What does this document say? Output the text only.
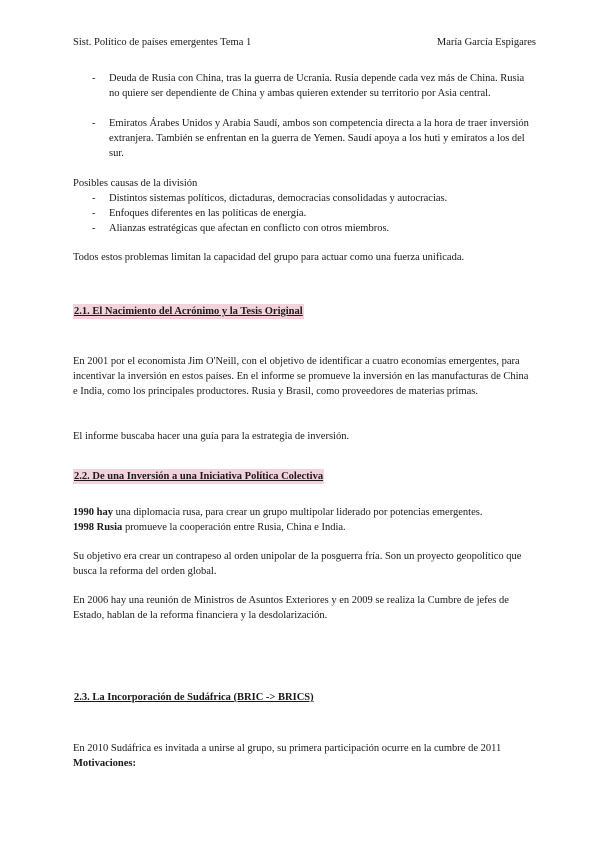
Sist. Político de países emergentes Tema 1	María García Espigares
- Deuda de Rusia con China, tras la guerra de Ucrania. Rusia depende cada vez más de China. Rusia no quiere ser dependiente de China y ambas quieren extender su territorio por Asia central.
- Emiratos Árabes Unidos y Arabia Saudí, ambos son competencia directa a la hora de traer inversión extranjera. También se enfrentan en la guerra de Yemen. Saudí apoya a los huti y emiratos a los del sur.
Posibles causas de la división
- Distintos sistemas políticos, dictaduras, democracias consolidadas y autocracias.
- Enfoques diferentes en las políticas de energía.
- Alianzas estratégicas que afectan en conflicto con otros miembros.
Todos estos problemas limitan la capacidad del grupo para actuar como una fuerza unificada.
2.1. El Nacimiento del Acrónimo y la Tesis Original
En 2001 por el economista Jim O'Neill, con el objetivo de identificar a cuatro economías emergentes, para incentivar la inversión en estos países. En el informe se promueve la inversión en las manufacturas de China e India, como los principales productores. Rusia y Brasil, como proveedores de materias primas.
El informe buscaba hacer una guía para la estrategia de inversión.
2.2. De una Inversión a una Iniciativa Política Colectiva
1990 hay una diplomacia rusa, para crear un grupo multipolar liderado por potencias emergentes.
1998 Rusia promueve la cooperación entre Rusia, China e India.
Su objetivo era crear un contrapeso al orden unipolar de la posguerra fría. Son un proyecto geopolítico que busca la reforma del orden global.
En 2006 hay una reunión de Ministros de Asuntos Exteriores y en 2009 se realiza la Cumbre de jefes de Estado, hablan de la reforma financiera y la desdolarización.
2.3. La Incorporación de Sudáfrica (BRIC -> BRICS)
En 2010 Sudáfrica es invitada a unirse al grupo, su primera participación ocurre en la cumbre de 2011
Motivaciones:
